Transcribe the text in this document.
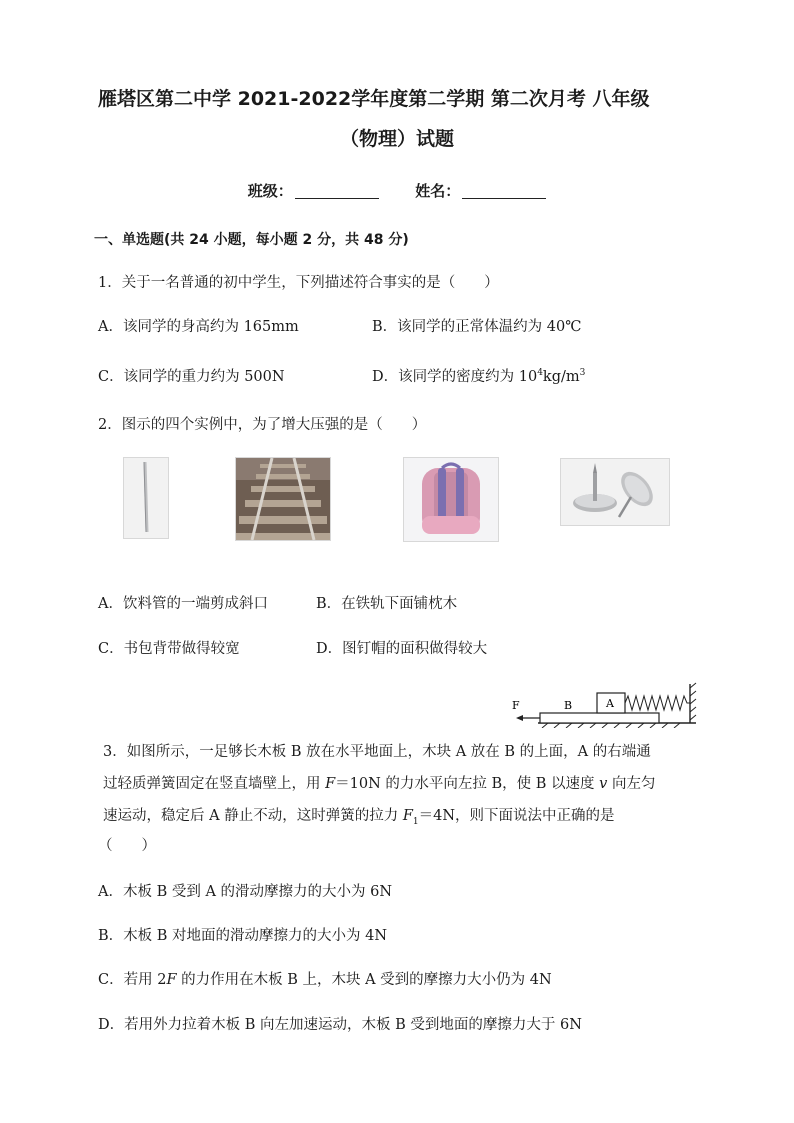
雁塔区第二中学 2021-2022学年度第二学期 第二次月考 八年级
（物理）试题
班级：	姓名：
一、单选题(共 24 小题，每小题 2 分，共 48 分)
1．关于一名普通的初中学生，下列描述符合事实的是（　　）
A．该同学的身高约为 165mm	B．该同学的正常体温约为 40℃
C．该同学的重力约为 500N	D．该同学的密度约为 $10^4kg/m^3$
2．图示的四个实例中，为了增大压强的是（　　）
A．饮料管的一端剪成斜口	B．在铁轨下面铺枕木
C．书包背带做得较宽	D．图钉帽的面积做得较大
F	B	A
3．如图所示，一足够长木板 B 放在水平地面上，木块 A 放在 B 的上面，A 的右端通
过轻质弹簧固定在竖直墙壁上，用 F＝10N 的力水平向左拉 B，使 B 以速度 v 向左匀
速运动，稳定后 A 静止不动，这时弹簧的拉力 $F_1=4N$，则下面说法中正确的是
（　　）
A．木板 B 受到 A 的滑动摩擦力的大小为 6N
B．木板 B 对地面的滑动摩擦力的大小为 4N
C．若用 2F 的力作用在木板 B 上，木块 A 受到的摩擦力大小仍为 4N
D．若用外力拉着木板 B 向左加速运动，木板 B 受到地面的摩擦力大于 6N
